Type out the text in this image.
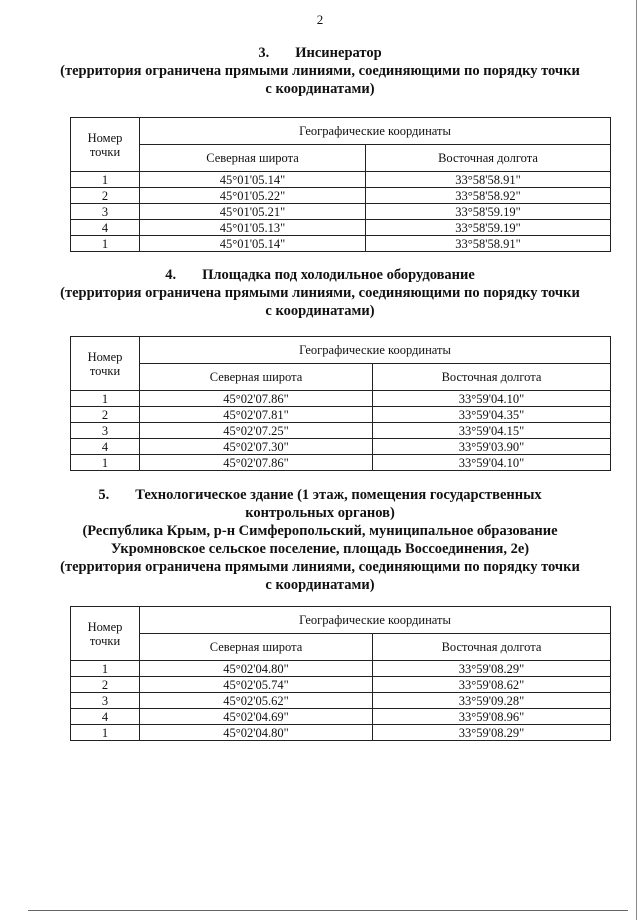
2

3. Инсинератор

(территория ограничена прямыми линиями, соединяющими по порядку точки

с координатами)

Номер
точки	Географические координаты	
	Северная широта	Восточная долгота
1	45°01'05.14"	33°58'58.91"
2	45°01'05.22"	33°58'58.92"
3	45°01'05.21"	33°58'59.19"
4	45°01'05.13"	33°58'59.19"
1	45°01'05.14"	33°58'58.91"

4. Площадка под холодильное оборудование

(территория ограничена прямыми линиями, соединяющими по порядку точки

с координатами)

Номер
точки	Географические координаты	
	Северная широта	Восточная долгота
1	45°02'07.86"	33°59'04.10"
2	45°02'07.81"	33°59'04.35"
3	45°02'07.25"	33°59'04.15"
4	45°02'07.30"	33°59'03.90"
1	45°02'07.86"	33°59'04.10"

5. Технологическое здание (1 этаж, помещения государственных

контрольных органов)

(Республика Крым, р-н Симферопольский, муниципальное образование

Укромновское сельское поселение, площадь Воссоединения, 2е)

(территория ограничена прямыми линиями, соединяющими по порядку точки

с координатами)

Номер
точки	Географические координаты	
	Северная широта	Восточная долгота
1	45°02'04.80"	33°59'08.29"
2	45°02'05.74"	33°59'08.62"
3	45°02'05.62"	33°59'09.28"
4	45°02'04.69"	33°59'08.96"
1	45°02'04.80"	33°59'08.29"
